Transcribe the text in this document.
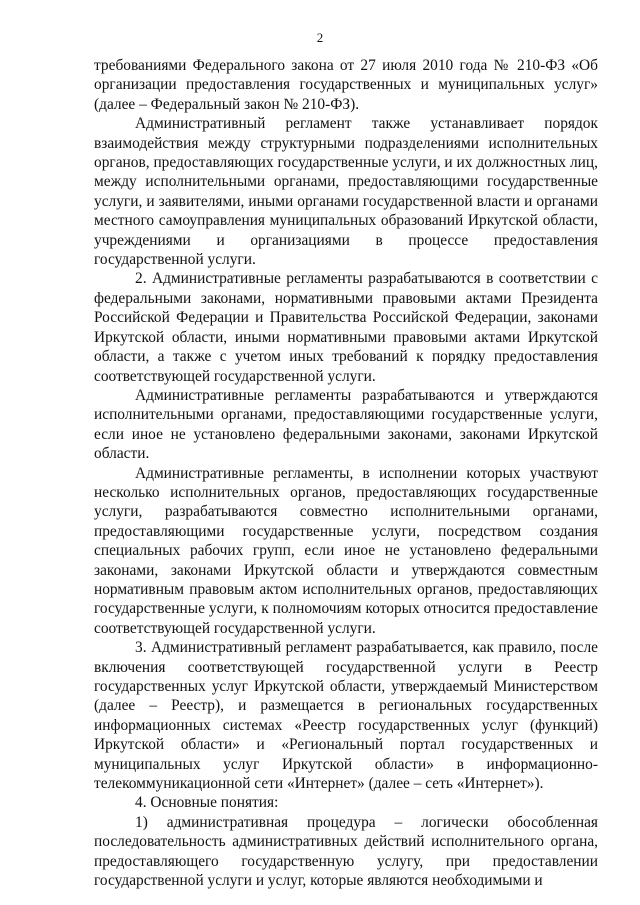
2

требованиями Федерального закона от 27 июля 2010 года № 210-ФЗ «Об организации предоставления государственных и муниципальных услуг» (далее – Федеральный закон № 210-ФЗ).

Административный регламент также устанавливает порядок взаимодействия между структурными подразделениями исполнительных органов, предоставляющих государственные услуги, и их должностных лиц, между исполнительными органами, предоставляющими государственные услуги, и заявителями, иными органами государственной власти и органами местного самоуправления муниципальных образований Иркутской области, учреждениями и организациями в процессе предоставления государственной услуги.

2. Административные регламенты разрабатываются в соответствии с федеральными законами, нормативными правовыми актами Президента Российской Федерации и Правительства Российской Федерации, законами Иркутской области, иными нормативными правовыми актами Иркутской области, а также с учетом иных требований к порядку предоставления соответствующей государственной услуги.

Административные регламенты разрабатываются и утверждаются исполнительными органами, предоставляющими государственные услуги, если иное не установлено федеральными законами, законами Иркутской области.

Административные регламенты, в исполнении которых участвуют несколько исполнительных органов, предоставляющих государственные услуги, разрабатываются совместно исполнительными органами, предоставляющими государственные услуги, посредством создания специальных рабочих групп, если иное не установлено федеральными законами, законами Иркутской области и утверждаются совместным нормативным правовым актом исполнительных органов, предоставляющих государственные услуги, к полномочиям которых относится предоставление соответствующей государственной услуги.

3. Административный регламент разрабатывается, как правило, после включения соответствующей государственной услуги в Реестр государственных услуг Иркутской области, утверждаемый Министерством (далее – Реестр), и размещается в региональных государственных информационных системах «Реестр государственных услуг (функций) Иркутской области» и «Региональный портал государственных и муниципальных услуг Иркутской области» в информационно-телекоммуникационной сети «Интернет» (далее – сеть «Интернет»).

4. Основные понятия:

1) административная процедура – логически обособленная последовательность административных действий исполнительного органа, предоставляющего государственную услугу, при предоставлении государственной услуги и услуг, которые являются необходимыми и
